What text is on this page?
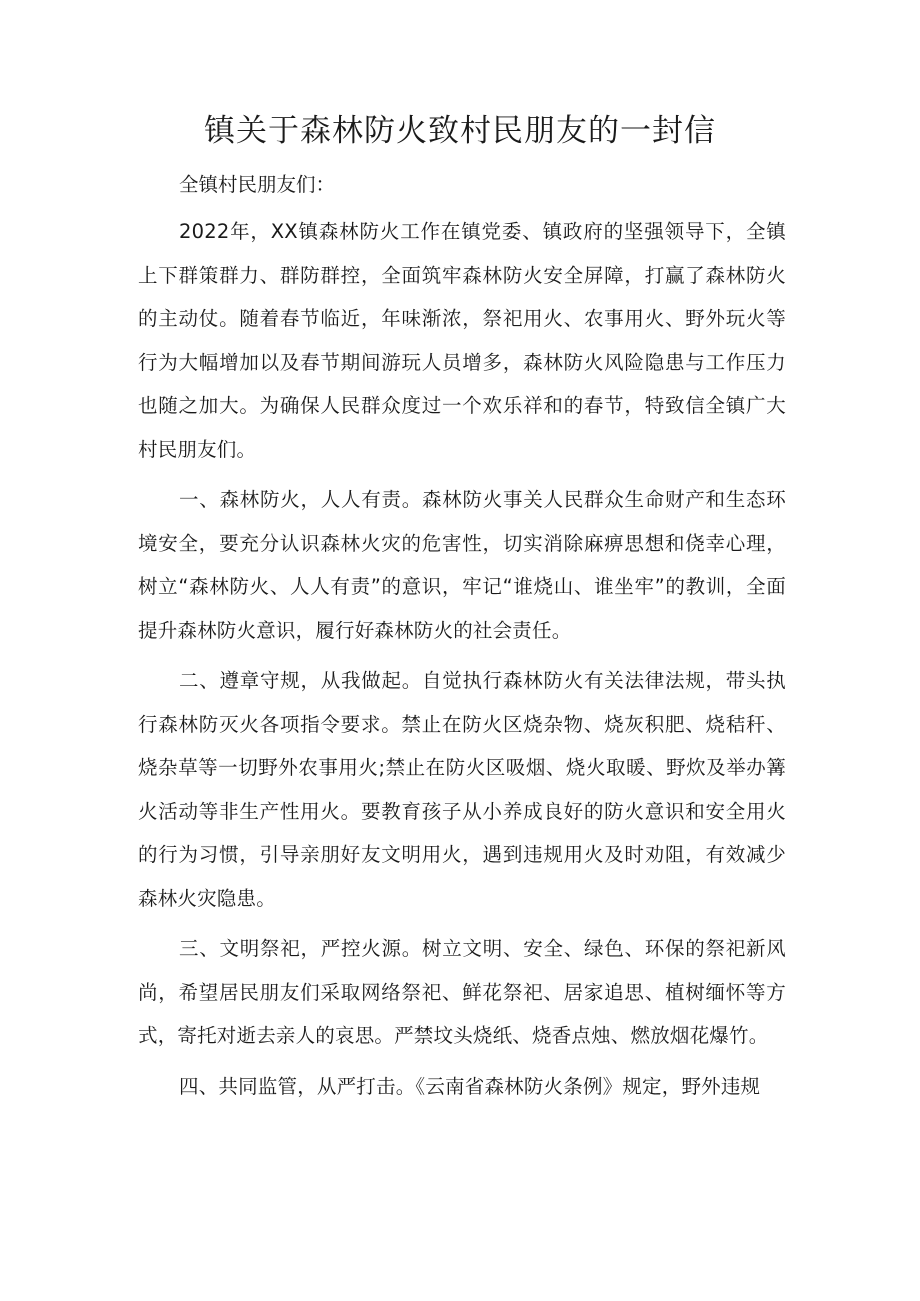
镇关于森林防火致村民朋友的一封信

全镇村民朋友们：

2022年，XX镇森林防火工作在镇党委、镇政府的坚强领导下，全镇上下群策群力、群防群控，全面筑牢森林防火安全屏障，打赢了森林防火的主动仗。随着春节临近，年味渐浓，祭祀用火、农事用火、野外玩火等行为大幅增加以及春节期间游玩人员增多，森林防火风险隐患与工作压力也随之加大。为确保人民群众度过一个欢乐祥和的春节，特致信全镇广大村民朋友们。

一、森林防火，人人有责。森林防火事关人民群众生命财产和生态环境安全，要充分认识森林火灾的危害性，切实消除麻痹思想和侥幸心理，树立“森林防火、人人有责”的意识，牢记“谁烧山、谁坐牢”的教训，全面提升森林防火意识，履行好森林防火的社会责任。

二、遵章守规，从我做起。自觉执行森林防火有关法律法规，带头执行森林防灭火各项指令要求。禁止在防火区烧杂物、烧灰积肥、烧秸秆、烧杂草等一切野外农事用火;禁止在防火区吸烟、烧火取暖、野炊及举办篝火活动等非生产性用火。要教育孩子从小养成良好的防火意识和安全用火的行为习惯，引导亲朋好友文明用火，遇到违规用火及时劝阻，有效减少森林火灾隐患。

三、文明祭祀，严控火源。树立文明、安全、绿色、环保的祭祀新风尚，希望居民朋友们采取网络祭祀、鲜花祭祀、居家追思、植树缅怀等方式，寄托对逝去亲人的哀思。严禁坟头烧纸、烧香点烛、燃放烟花爆竹。

四、共同监管，从严打击。《云南省森林防火条例》规定，野外违规
